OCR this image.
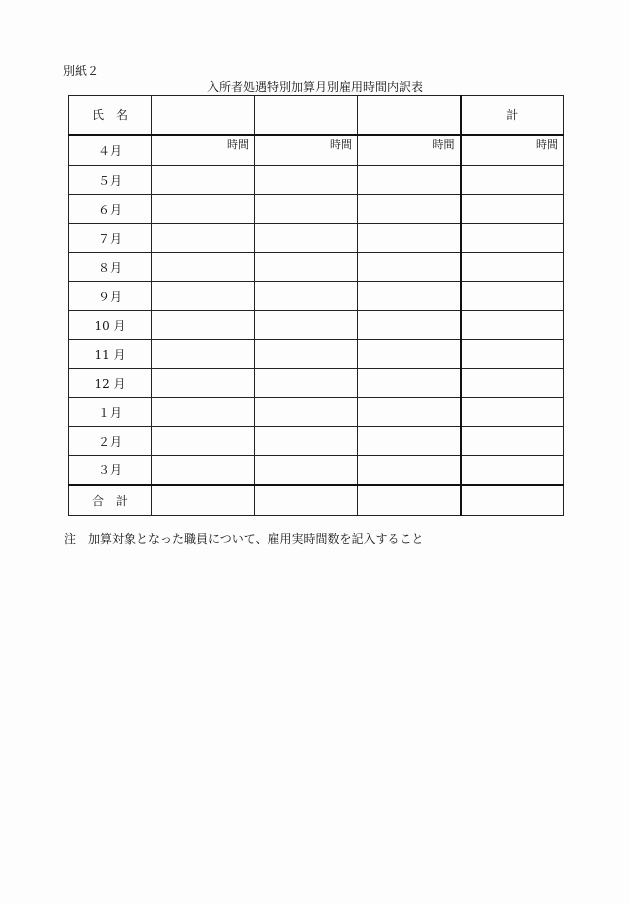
別紙２
入所者処遇特別加算月別雇用時間内訳表
氏　名				計
４月	時間	時間	時間	時間
５月				
６月				
７月				
８月				
９月				
10 月				
11 月				
12 月				
１月				
２月				
３月				
合　計				
注　加算対象となった職員について、雇用実時間数を記入すること
